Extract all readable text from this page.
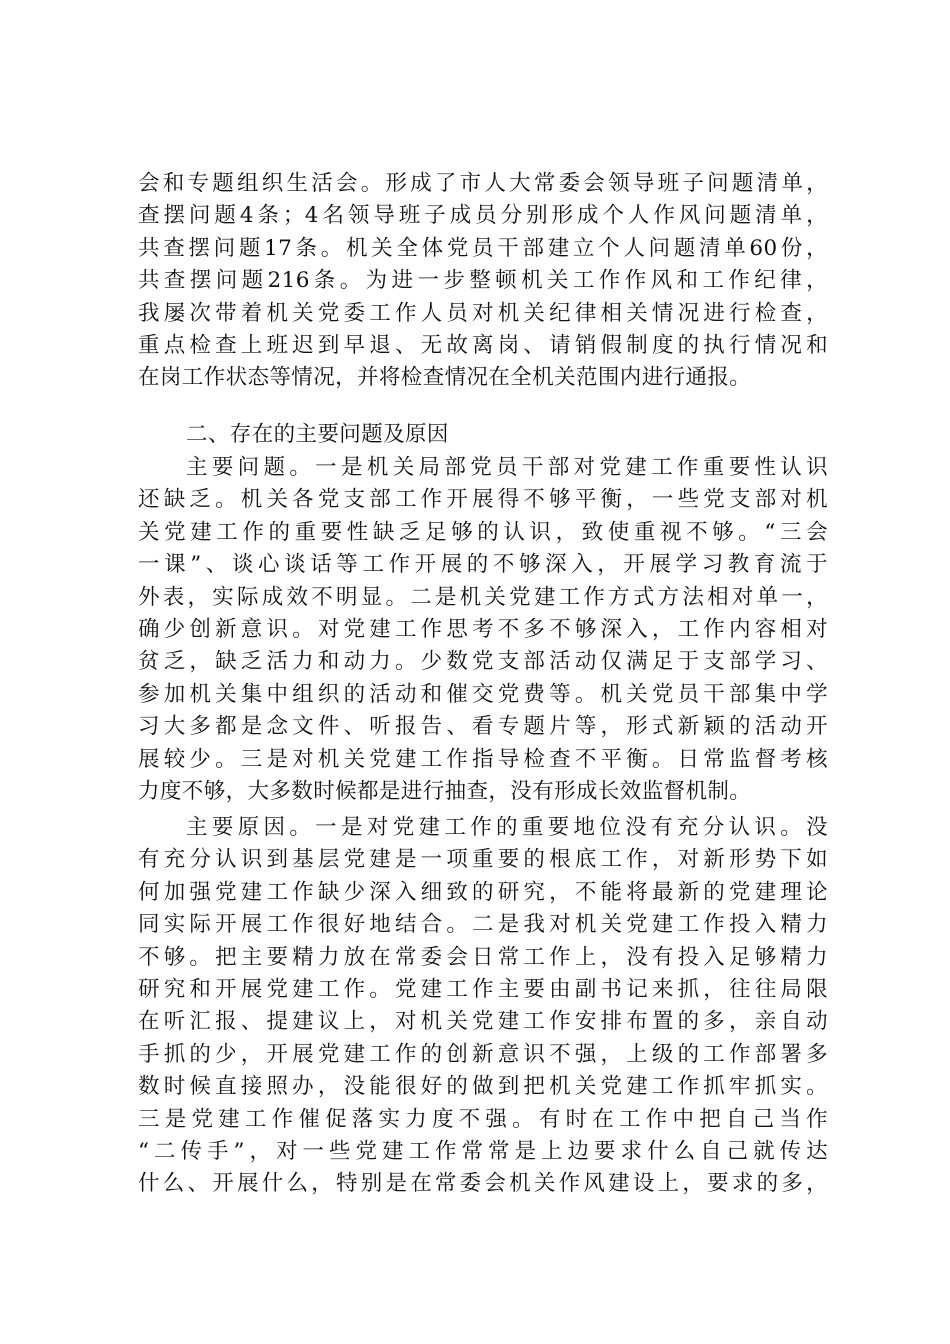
会和专题组织生活会。形成了市人大常委会领导班子问题清单，
查摆问题4条；4名领导班子成员分别形成个人作风问题清单，
共查摆问题17条。机关全体党员干部建立个人问题清单60份，
共查摆问题216条。为进一步整顿机关工作作风和工作纪律，
我屡次带着机关党委工作人员对机关纪律相关情况进行检查，
重点检查上班迟到早退、无故离岗、请销假制度的执行情况和
在岗工作状态等情况，并将检查情况在全机关范围内进行通报。
二、存在的主要问题及原因
主要问题。一是机关局部党员干部对党建工作重要性认识
还缺乏。机关各党支部工作开展得不够平衡，一些党支部对机
关党建工作的重要性缺乏足够的认识，致使重视不够。“三会
一课”、谈心谈话等工作开展的不够深入，开展学习教育流于
外表，实际成效不明显。二是机关党建工作方式方法相对单一，
确少创新意识。对党建工作思考不多不够深入，工作内容相对
贫乏，缺乏活力和动力。少数党支部活动仅满足于支部学习、
参加机关集中组织的活动和催交党费等。机关党员干部集中学
习大多都是念文件、听报告、看专题片等，形式新颖的活动开
展较少。三是对机关党建工作指导检查不平衡。日常监督考核
力度不够，大多数时候都是进行抽查，没有形成长效监督机制。
主要原因。一是对党建工作的重要地位没有充分认识。没
有充分认识到基层党建是一项重要的根底工作，对新形势下如
何加强党建工作缺少深入细致的研究，不能将最新的党建理论
同实际开展工作很好地结合。二是我对机关党建工作投入精力
不够。把主要精力放在常委会日常工作上，没有投入足够精力
研究和开展党建工作。党建工作主要由副书记来抓，往往局限
在听汇报、提建议上，对机关党建工作安排布置的多，亲自动
手抓的少，开展党建工作的创新意识不强，上级的工作部署多
数时候直接照办，没能很好的做到把机关党建工作抓牢抓实。
三是党建工作催促落实力度不强。有时在工作中把自己当作
“二传手”，对一些党建工作常常是上边要求什么自己就传达
什么、开展什么，特别是在常委会机关作风建设上，要求的多，
